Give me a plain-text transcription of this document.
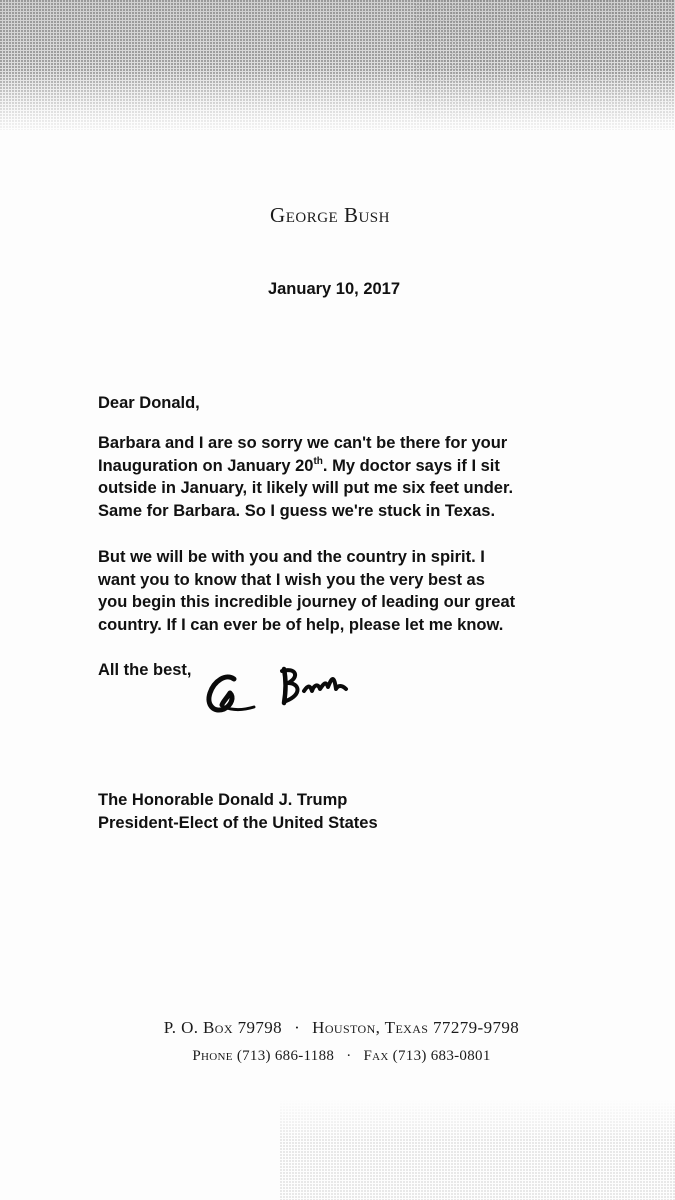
George Bush
January 10, 2017
Dear Donald,
Barbara and I are so sorry we can't be there for your
Inauguration on January 20th. My doctor says if I sit
outside in January, it likely will put me six feet under.
Same for Barbara. So I guess we're stuck in Texas.
But we will be with you and the country in spirit. I
want you to know that I wish you the very best as
you begin this incredible journey of leading our great
country. If I can ever be of help, please let me know.
All the best,
The Honorable Donald J. Trump
President-Elect of the United States
P. O. Box 79798 · Houston, Texas 77279-9798
Phone (713) 686-1188 · Fax (713) 683-0801
